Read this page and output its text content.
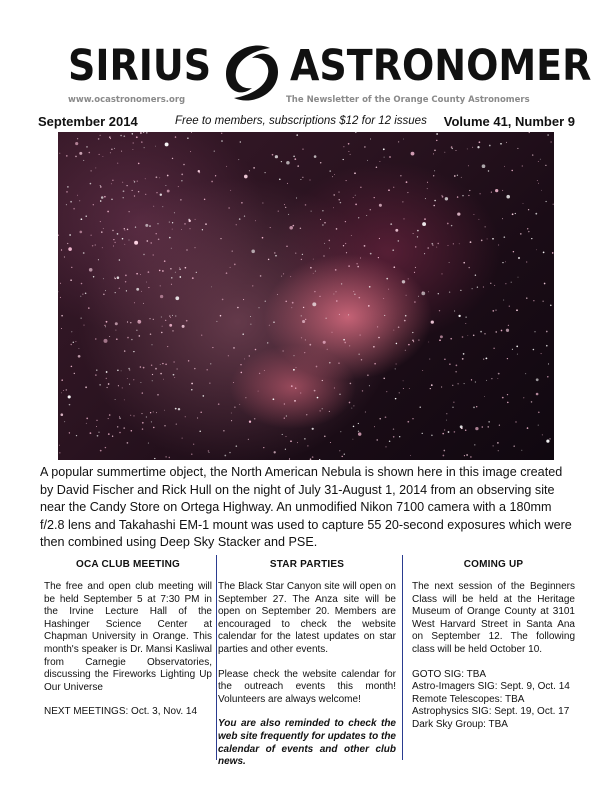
SIRIUS ASTRONOMER
www.ocastronomers.org	The Newsletter of the Orange County Astronomers
September 2014	Free to members, subscriptions $12 for 12 issues Volume 41, Number 9
A popular summertime object, the North American Nebula is shown here in this image created by David Fischer and Rick Hull on the night of July 31-August 1, 2014 from an observing site near the Candy Store on Ortega Highway. An unmodified Nikon 7100 camera with a 180mm f/2.8 lens and Takahashi EM-1 mount was used to capture 55 20-second exposures which were then combined using Deep Sky Stacker and PSE.
OCA CLUB MEETING

The free and open club meeting will be held September 5 at 7:30 PM in the Irvine Lecture Hall of the Hashinger Science Center at Chapman University in Orange. This month's speaker is Dr. Mansi Kasliwal from Carnegie Observatories, discussing the Fireworks Lighting Up Our Universe

NEXT MEETINGS: Oct. 3, Nov. 14

STAR PARTIES

The Black Star Canyon site will open on September 27. The Anza site will be open on September 20. Members are encouraged to check the website calendar for the latest updates on star parties and other events.

Please check the website calendar for the outreach events this month! Volunteers are always welcome!

You are also reminded to check the web site frequently for updates to the calendar of events and other club news.

COMING UP

The next session of the Beginners Class will be held at the Heritage Museum of Orange County at 3101 West Harvard Street in Santa Ana on September 12. The following class will be held October 10.

GOTO SIG: TBA
Astro-Imagers SIG: Sept. 9, Oct. 14
Remote Telescopes: TBA
Astrophysics SIG: Sept. 19, Oct. 17
Dark Sky Group: TBA
